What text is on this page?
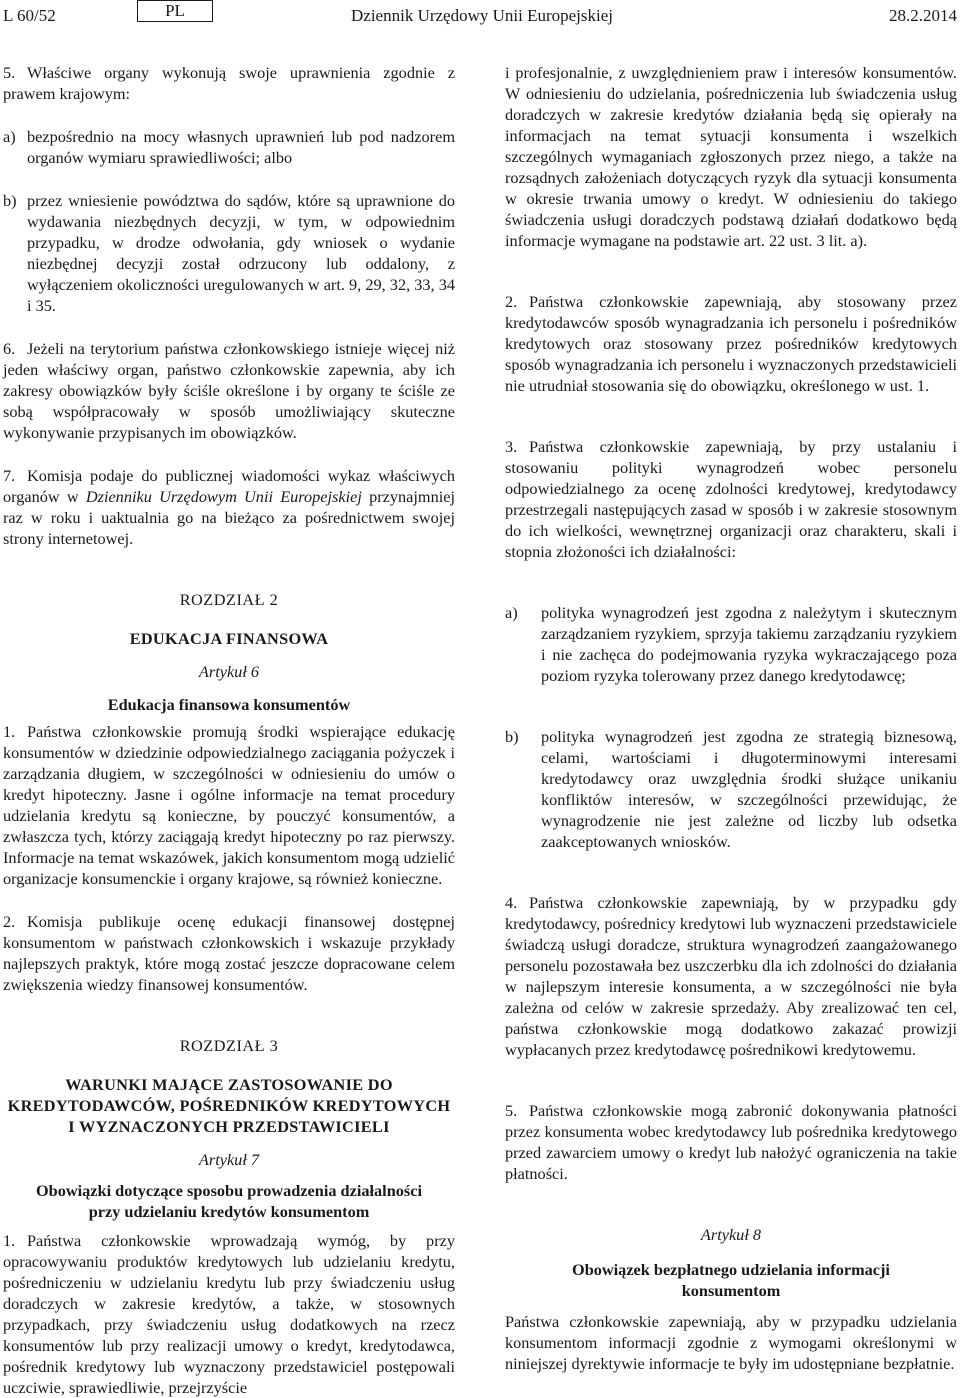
L 60/52	PL	Dziennik Urzędowy Unii Europejskiej	28.2.2014

5. Właściwe organy wykonują swoje uprawnienia zgodnie z prawem krajowym:

a) bezpośrednio na mocy własnych uprawnień lub pod nadzorem organów wymiaru sprawiedliwości; albo
b) przez wniesienie powództwa do sądów, które są uprawnione do wydawania niezbędnych decyzji, w tym, w odpowiednim przypadku, w drodze odwołania, gdy wniosek o wydanie niezbędnej decyzji został odrzucony lub oddalony, z wyłączeniem okoliczności uregulowanych w art. 9, 29, 32, 33, 34 i 35.

6. Jeżeli na terytorium państwa członkowskiego istnieje więcej niż jeden właściwy organ, państwo członkowskie zapewnia, aby ich zakresy obowiązków były ściśle określone i by organy te ściśle ze sobą współpracowały w sposób umożliwiający skuteczne wykonywanie przypisanych im obowiązków.

7. Komisja podaje do publicznej wiadomości wykaz właściwych organów w Dzienniku Urzędowym Unii Europejskiej przynajmniej raz w roku i uaktualnia go na bieżąco za pośrednictwem swojej strony internetowej.

ROZDZIAŁ 2

EDUKACJA FINANSOWA

Artykuł 6

Edukacja finansowa konsumentów

1. Państwa członkowskie promują środki wspierające edukację konsumentów w dziedzinie odpowiedzialnego zaciągania pożyczek i zarządzania długiem, w szczególności w odniesieniu do umów o kredyt hipoteczny. Jasne i ogólne informacje na temat procedury udzielania kredytu są konieczne, by pouczyć konsumentów, a zwłaszcza tych, którzy zaciągają kredyt hipoteczny po raz pierwszy. Informacje na temat wskazówek, jakich konsumentom mogą udzielić organizacje konsumenckie i organy krajowe, są również konieczne.

2. Komisja publikuje ocenę edukacji finansowej dostępnej konsumentom w państwach członkowskich i wskazuje przykłady najlepszych praktyk, które mogą zostać jeszcze dopracowane celem zwiększenia wiedzy finansowej konsumentów.

ROZDZIAŁ 3

WARUNKI MAJĄCE ZASTOSOWANIE DO

KREDYTODAWCÓW, POŚREDNIKÓW KREDYTOWYCH

I WYZNACZONYCH PRZEDSTAWICIELI

Artykuł 7

Obowiązki dotyczące sposobu prowadzenia działalności

przy udzielaniu kredytów konsumentom

1. Państwa członkowskie wprowadzają wymóg, by przy opracowywaniu produktów kredytowych lub udzielaniu kredytu, pośredniczeniu w udzielaniu kredytu lub przy świadczeniu usług doradczych w zakresie kredytów, a także, w stosownych przypadkach, przy świadczeniu usług dodatkowych na rzecz konsumentów lub przy realizacji umowy o kredyt, kredytodawca, pośrednik kredytowy lub wyznaczony przedstawiciel postępowali uczciwie, sprawiedliwie, przejrzyście

i profesjonalnie, z uwzględnieniem praw i interesów konsumentów. W odniesieniu do udzielania, pośredniczenia lub świadczenia usług doradczych w zakresie kredytów działania będą się opierały na informacjach na temat sytuacji konsumenta i wszelkich szczególnych wymaganiach zgłoszonych przez niego, a także na rozsądnych założeniach dotyczących ryzyk dla sytuacji konsumenta w okresie trwania umowy o kredyt. W odniesieniu do takiego świadczenia usługi doradczych podstawą działań dodatkowo będą informacje wymagane na podstawie art. 22 ust. 3 lit. a).

2. Państwa członkowskie zapewniają, aby stosowany przez kredytodawców sposób wynagradzania ich personelu i pośredników kredytowych oraz stosowany przez pośredników kredytowych sposób wynagradzania ich personelu i wyznaczonych przedstawicieli nie utrudniał stosowania się do obowiązku, określonego w ust. 1.

3. Państwa członkowskie zapewniają, by przy ustalaniu i stosowaniu polityki wynagrodzeń wobec personelu odpowiedzialnego za ocenę zdolności kredytowej, kredytodawcy przestrzegali następujących zasad w sposób i w zakresie stosownym do ich wielkości, wewnętrznej organizacji oraz charakteru, skali i stopnia złożoności ich działalności:

a)	polityka wynagrodzeń jest zgodna z należytym i skutecznym zarządzaniem ryzykiem, sprzyja takiemu zarządzaniu ryzykiem i nie zachęca do podejmowania ryzyka wykraczającego poza poziom ryzyka tolerowany przez danego kredytodawcę;
b)	polityka wynagrodzeń jest zgodna ze strategią biznesową, celami, wartościami i długoterminowymi interesami kredytodawcy oraz uwzględnia środki służące unikaniu konfliktów interesów, w szczególności przewidując, że wynagrodzenie nie jest zależne od liczby lub odsetka zaakceptowanych wniosków.

4. Państwa członkowskie zapewniają, by w przypadku gdy kredytodawcy, pośrednicy kredytowi lub wyznaczeni przedstawiciele świadczą usługi doradcze, struktura wynagrodzeń zaangażowanego personelu pozostawała bez uszczerbku dla ich zdolności do działania w najlepszym interesie konsumenta, a w szczególności nie była zależna od celów w zakresie sprzedaży. Aby zrealizować ten cel, państwa członkowskie mogą dodatkowo zakazać prowizji wypłacanych przez kredytodawcę pośrednikowi kredytowemu.

5. Państwa członkowskie mogą zabronić dokonywania płatności przez konsumenta wobec kredytodawcy lub pośrednika kredytowego przed zawarciem umowy o kredyt lub nałożyć ograniczenia na takie płatności.

Artykuł 8

Obowiązek bezpłatnego udzielania informacji

konsumentom

Państwa członkowskie zapewniają, aby w przypadku udzielania konsumentom informacji zgodnie z wymogami określonymi w niniejszej dyrektywie informacje te były im udostępniane bezpłatnie.
